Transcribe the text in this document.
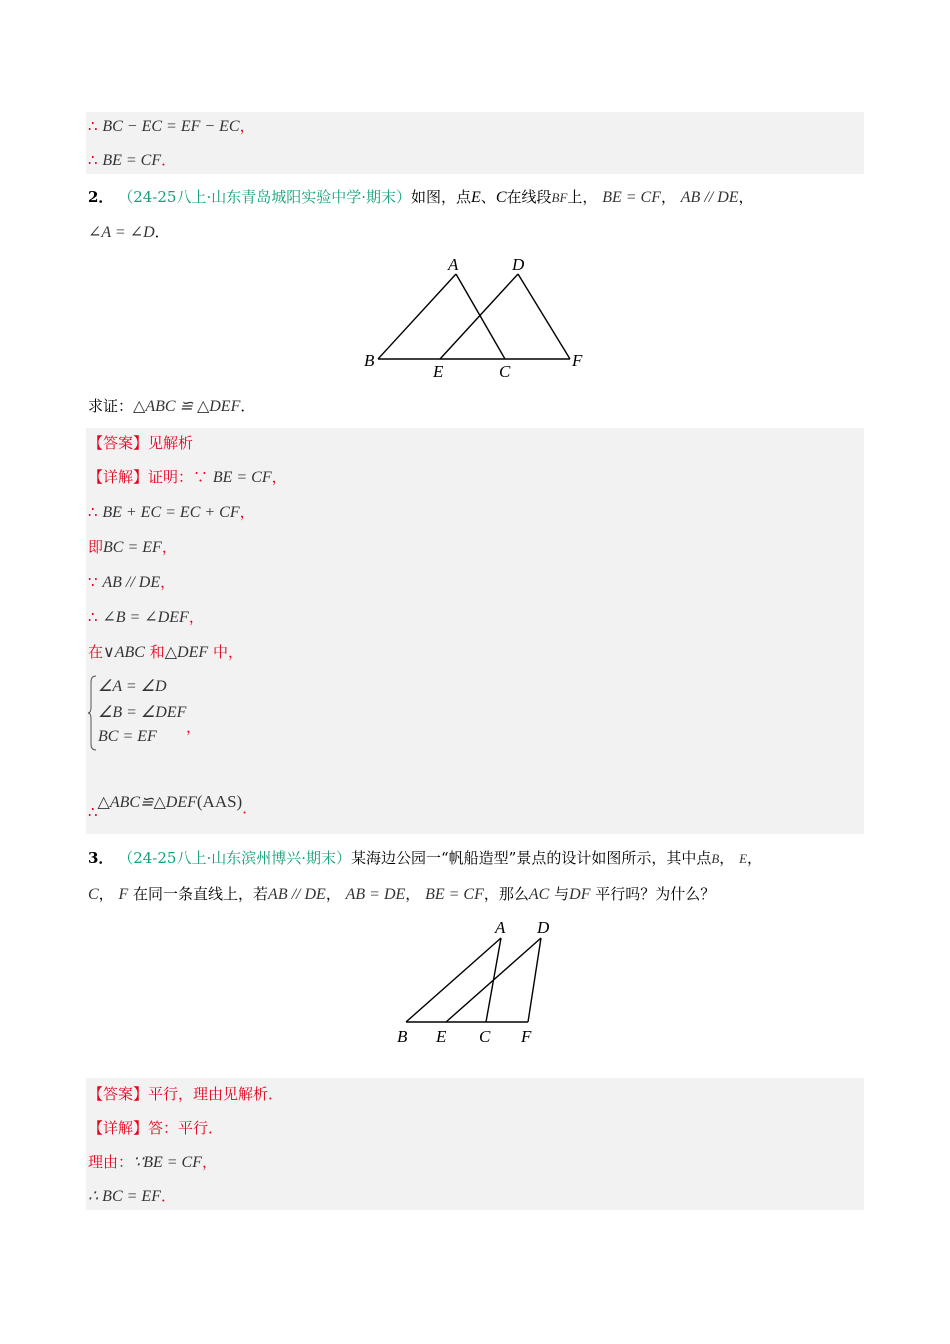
∴ BC − EC = EF − EC，
∴ BE = CF．
2． （24-25八上·山东青岛城阳实验中学·期末）如图，点E、C在线段BF上， BE = CF， AB // DE，
∠A = ∠D．
A	D
B
E	C
F
求证：△ABC ≌ △DEF．
【答案】见解析
【详解】证明：∵ BE = CF，
∴ BE + EC = EC + CF，
即BC = EF，
∵ AB // DE，
∴ ∠B = ∠DEF，
在∨ABC 和△DEF 中，
∠A = ∠D
∠B = ∠DEF
BC = EF
，
∴△ABC≌△DEF(AAS)．
3． （24-25八上·山东滨州博兴·期末）某海边公园一“帆船造型”景点的设计如图所示，其中点B， E，
C， F 在同一条直线上，若AB // DE， AB = DE， BE = CF，那么AC 与DF 平行吗？为什么？
A D
B E C F
【答案】平行，理由见解析．
【详解】答：平行．
理由：∵BE = CF，
∴ BC = EF．
